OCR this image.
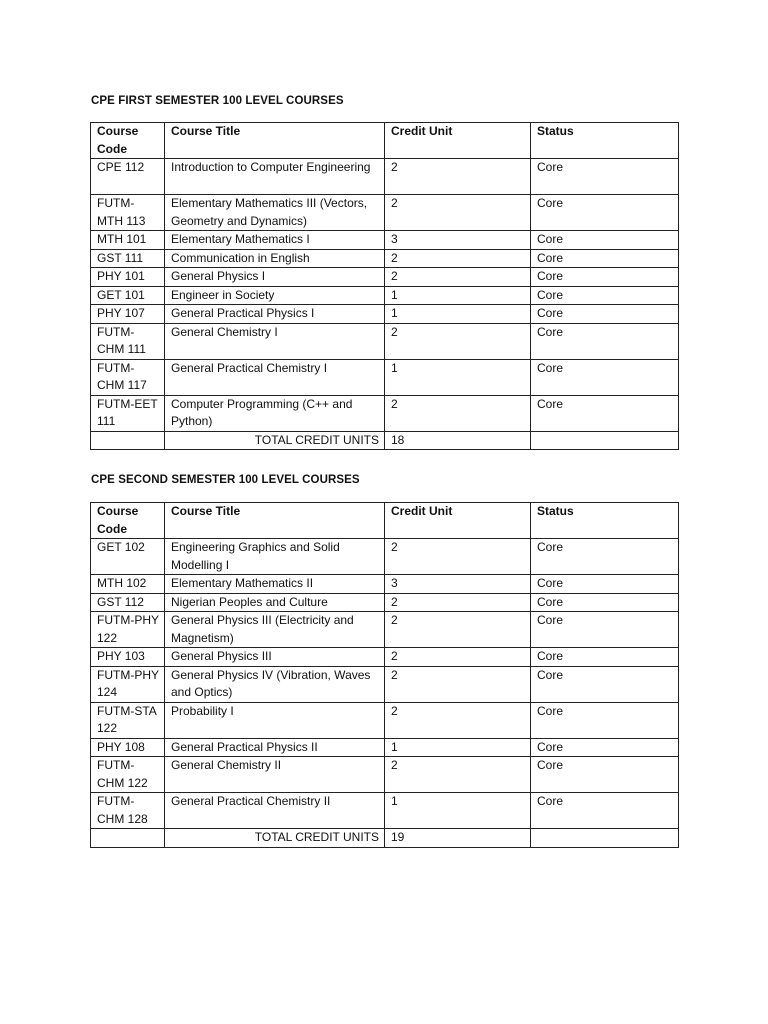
CPE FIRST SEMESTER 100 LEVEL COURSES
Course Code	Course Title	Credit Unit	Status
CPE 112	Introduction to Computer Engineering	2	Core
FUTM-MTH 113	Elementary Mathematics III (Vectors, Geometry and Dynamics)	2	Core
MTH 101	Elementary Mathematics I	3	Core
GST 111	Communication in English	2	Core
PHY 101	General Physics I	2	Core
GET 101	Engineer in Society	1	Core
PHY 107	General Practical Physics I	1	Core
FUTM-CHM 111	General Chemistry I	2	Core
FUTM-CHM 117	General Practical Chemistry I	1	Core
FUTM-EET 111	Computer Programming (C++ and Python)	2	Core
	TOTAL CREDIT UNITS	18	
CPE SECOND SEMESTER 100 LEVEL COURSES
Course Code	Course Title	Credit Unit	Status
GET 102	Engineering Graphics and Solid Modelling I	2	Core
MTH 102	Elementary Mathematics II	3	Core
GST 112	Nigerian Peoples and Culture	2	Core
FUTM-PHY 122	General Physics III (Electricity and Magnetism)	2	Core
PHY 103	General Physics III	2	Core
FUTM-PHY 124	General Physics IV (Vibration, Waves and Optics)	2	Core
FUTM-STA 122	Probability I	2	Core
PHY 108	General Practical Physics II	1	Core
FUTM-CHM 122	General Chemistry II	2	Core
FUTM-CHM 128	General Practical Chemistry II	1	Core
	TOTAL CREDIT UNITS	19	
